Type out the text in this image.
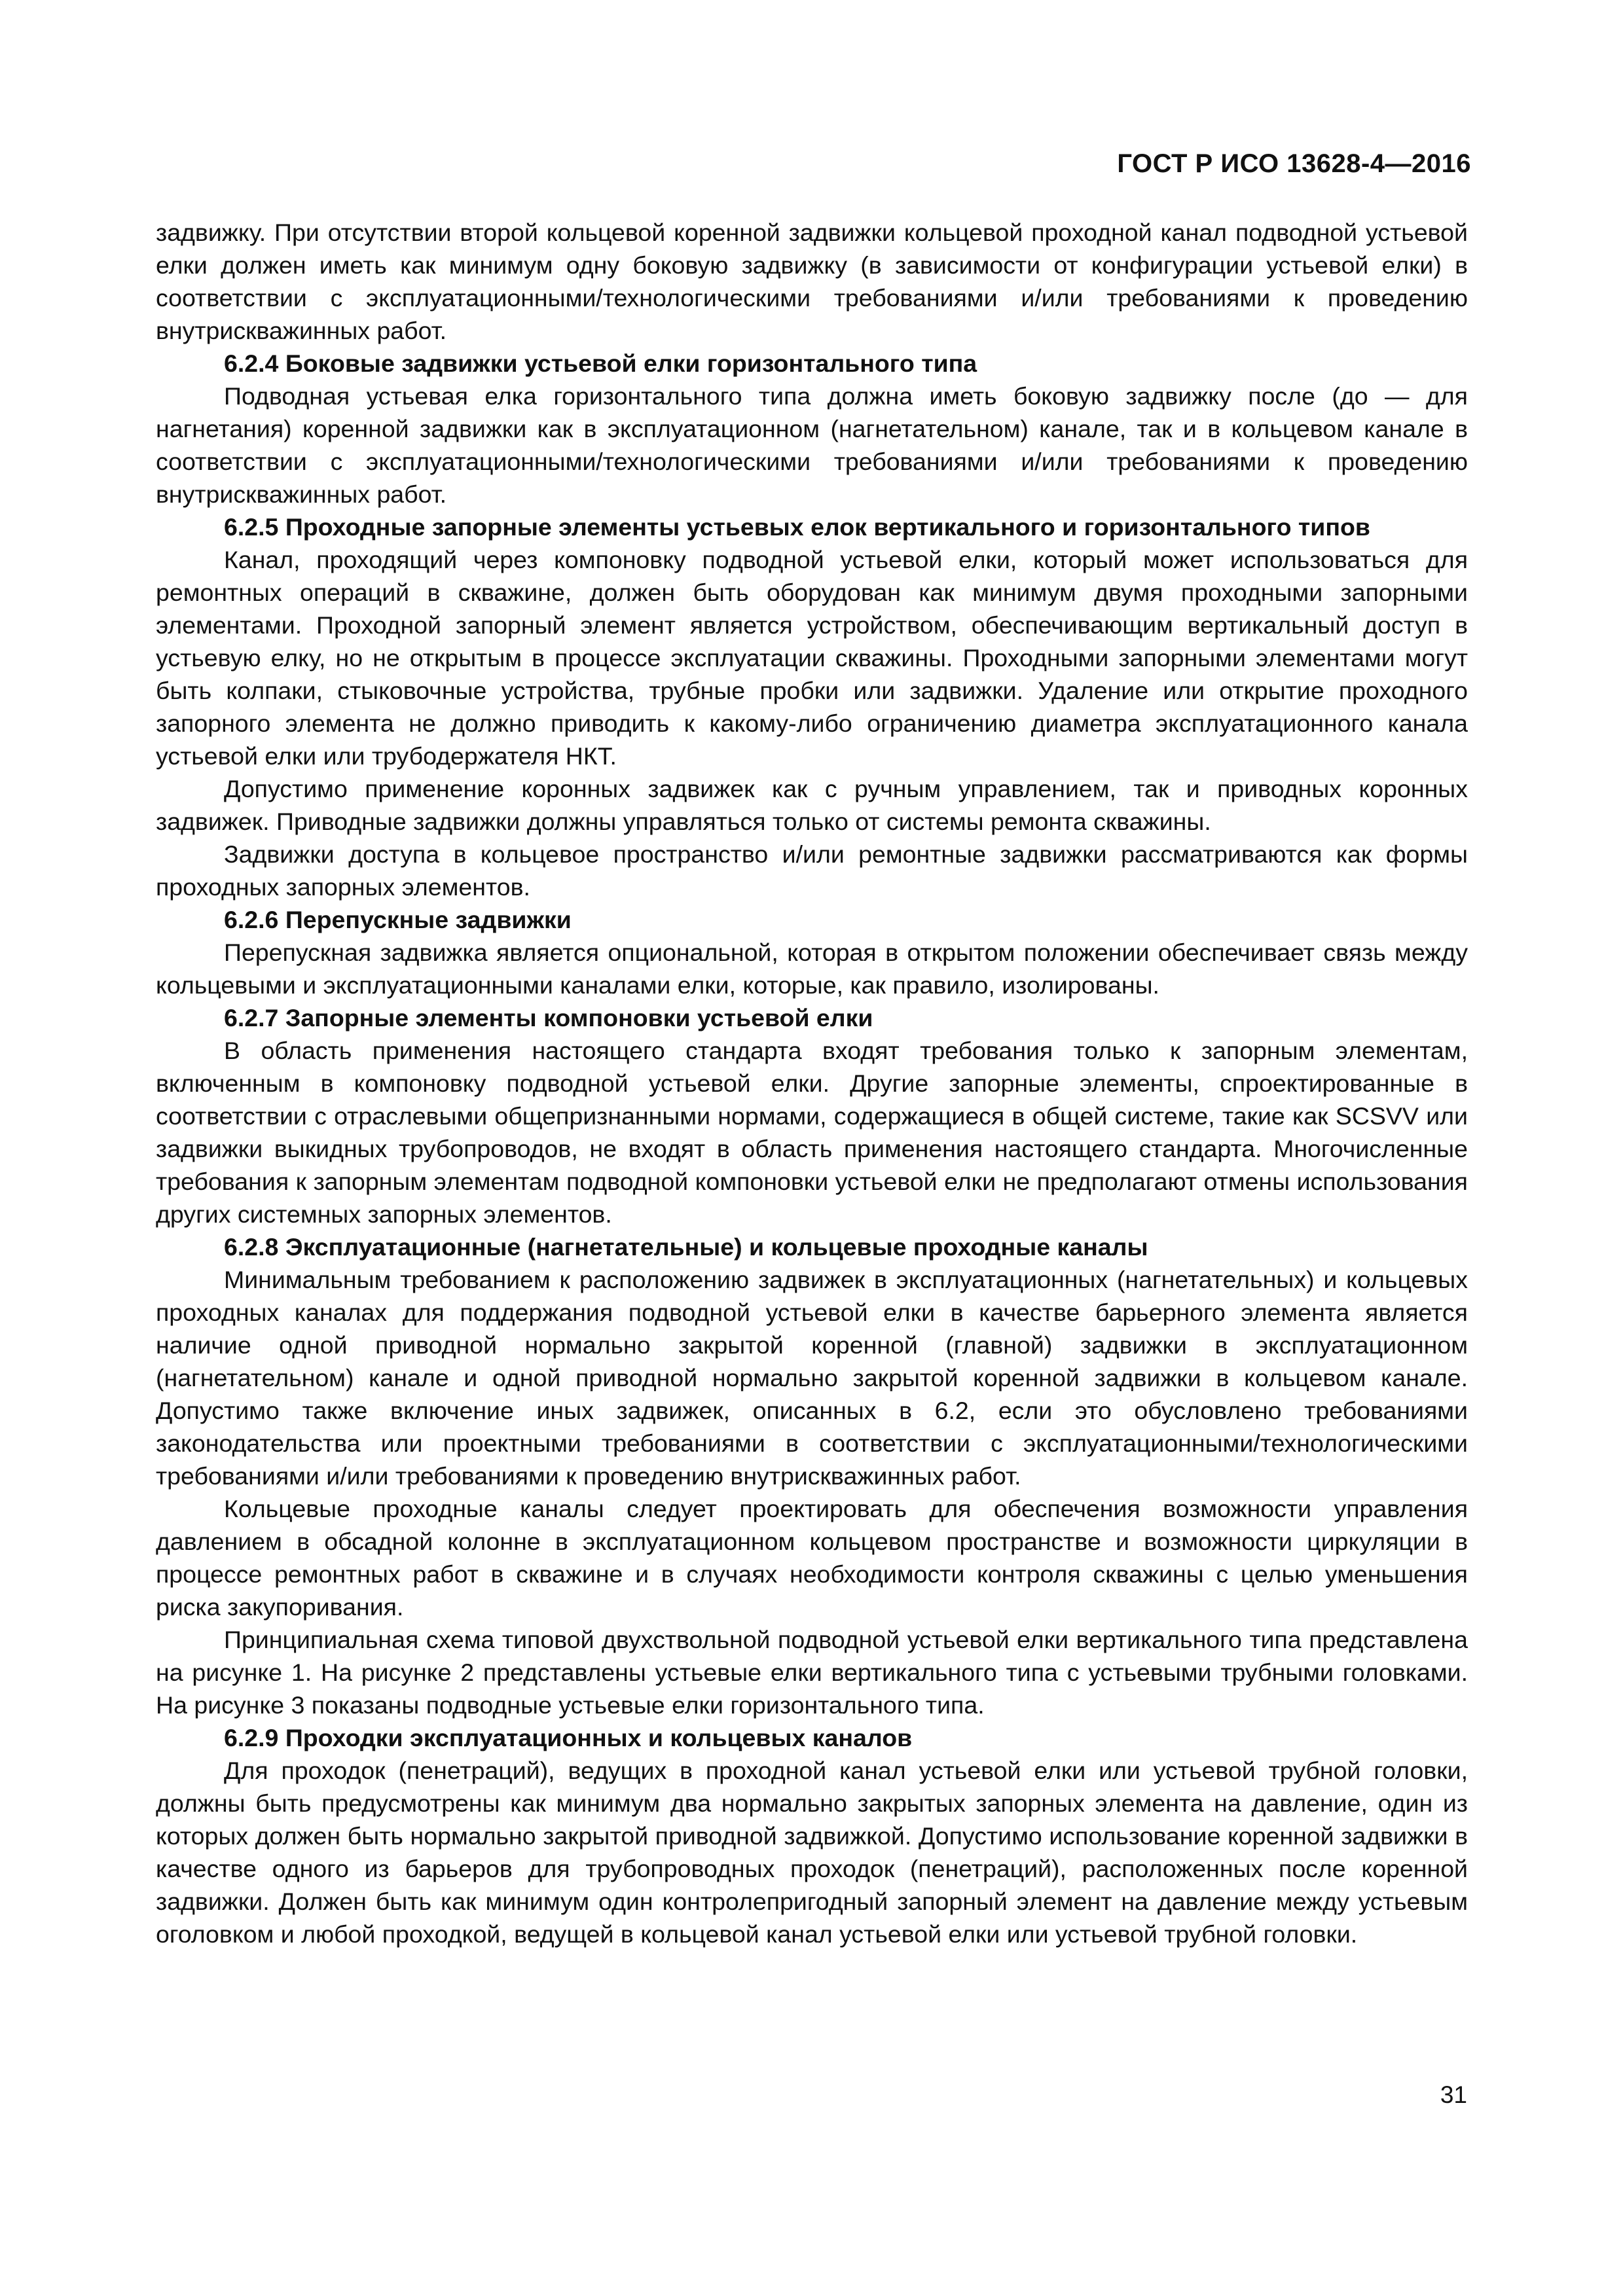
ГОСТ Р ИСО 13628-4—2016

задвижку. При отсутствии второй кольцевой коренной задвижки кольцевой проходной канал подводной устьевой елки должен иметь как минимум одну боковую задвижку (в зависимости от конфигурации устьевой елки) в соответствии с эксплуатационными/технологическими требованиями и/или требованиями к проведению внутрискважинных работ.

6.2.4 Боковые задвижки устьевой елки горизонтального типа

Подводная устьевая елка горизонтального типа должна иметь боковую задвижку после (до — для нагнетания) коренной задвижки как в эксплуатационном (нагнетательном) канале, так и в кольцевом канале в соответствии с эксплуатационными/технологическими требованиями и/или требованиями к проведению внутрискважинных работ.

6.2.5 Проходные запорные элементы устьевых елок вертикального и горизонтального типов

Канал, проходящий через компоновку подводной устьевой елки, который может использоваться для ремонтных операций в скважине, должен быть оборудован как минимум двумя проходными запорными элементами. Проходной запорный элемент является устройством, обеспечивающим вертикальный доступ в устьевую елку, но не открытым в процессе эксплуатации скважины. Проходными запорными элементами могут быть колпаки, стыковочные устройства, трубные пробки или задвижки. Удаление или открытие проходного запорного элемента не должно приводить к какому-либо ограничению диаметра эксплуатационного канала устьевой елки или трубодержателя НКТ.

Допустимо применение коронных задвижек как с ручным управлением, так и приводных коронных задвижек. Приводные задвижки должны управляться только от системы ремонта скважины.

Задвижки доступа в кольцевое пространство и/или ремонтные задвижки рассматриваются как формы проходных запорных элементов.

6.2.6 Перепускные задвижки

Перепускная задвижка является опциональной, которая в открытом положении обеспечивает связь между кольцевыми и эксплуатационными каналами елки, которые, как правило, изолированы.

6.2.7 Запорные элементы компоновки устьевой елки

В область применения настоящего стандарта входят требования только к запорным элементам, включенным в компоновку подводной устьевой елки. Другие запорные элементы, спроектированные в соответствии с отраслевыми общепризнанными нормами, содержащиеся в общей системе, такие как SCSVV или задвижки выкидных трубопроводов, не входят в область применения настоящего стандарта. Многочисленные требования к запорным элементам подводной компоновки устьевой елки не предполагают отмены использования других системных запорных элементов.

6.2.8 Эксплуатационные (нагнетательные) и кольцевые проходные каналы

Минимальным требованием к расположению задвижек в эксплуатационных (нагнетательных) и кольцевых проходных каналах для поддержания подводной устьевой елки в качестве барьерного элемента является наличие одной приводной нормально закрытой коренной (главной) задвижки в эксплуатационном (нагнетательном) канале и одной приводной нормально закрытой коренной задвижки в кольцевом канале. Допустимо также включение иных задвижек, описанных в 6.2, если это обусловлено требованиями законодательства или проектными требованиями в соответствии с эксплуатационными/технологическими требованиями и/или требованиями к проведению внутрискважинных работ.

Кольцевые проходные каналы следует проектировать для обеспечения возможности управления давлением в обсадной колонне в эксплуатационном кольцевом пространстве и возможности циркуляции в процессе ремонтных работ в скважине и в случаях необходимости контроля скважины с целью уменьшения риска закупоривания.

Принципиальная схема типовой двухствольной подводной устьевой елки вертикального типа представлена на рисунке 1. На рисунке 2 представлены устьевые елки вертикального типа с устьевыми трубными головками. На рисунке 3 показаны подводные устьевые елки горизонтального типа.

6.2.9 Проходки эксплуатационных и кольцевых каналов

Для проходок (пенетраций), ведущих в проходной канал устьевой елки или устьевой трубной головки, должны быть предусмотрены как минимум два нормально закрытых запорных элемента на давление, один из которых должен быть нормально закрытой приводной задвижкой. Допустимо использование коренной задвижки в качестве одного из барьеров для трубопроводных проходок (пенетраций), расположенных после коренной задвижки. Должен быть как минимум один контролепригодный запорный элемент на давление между устьевым оголовком и любой проходкой, ведущей в кольцевой канал устьевой елки или устьевой трубной головки.

31
